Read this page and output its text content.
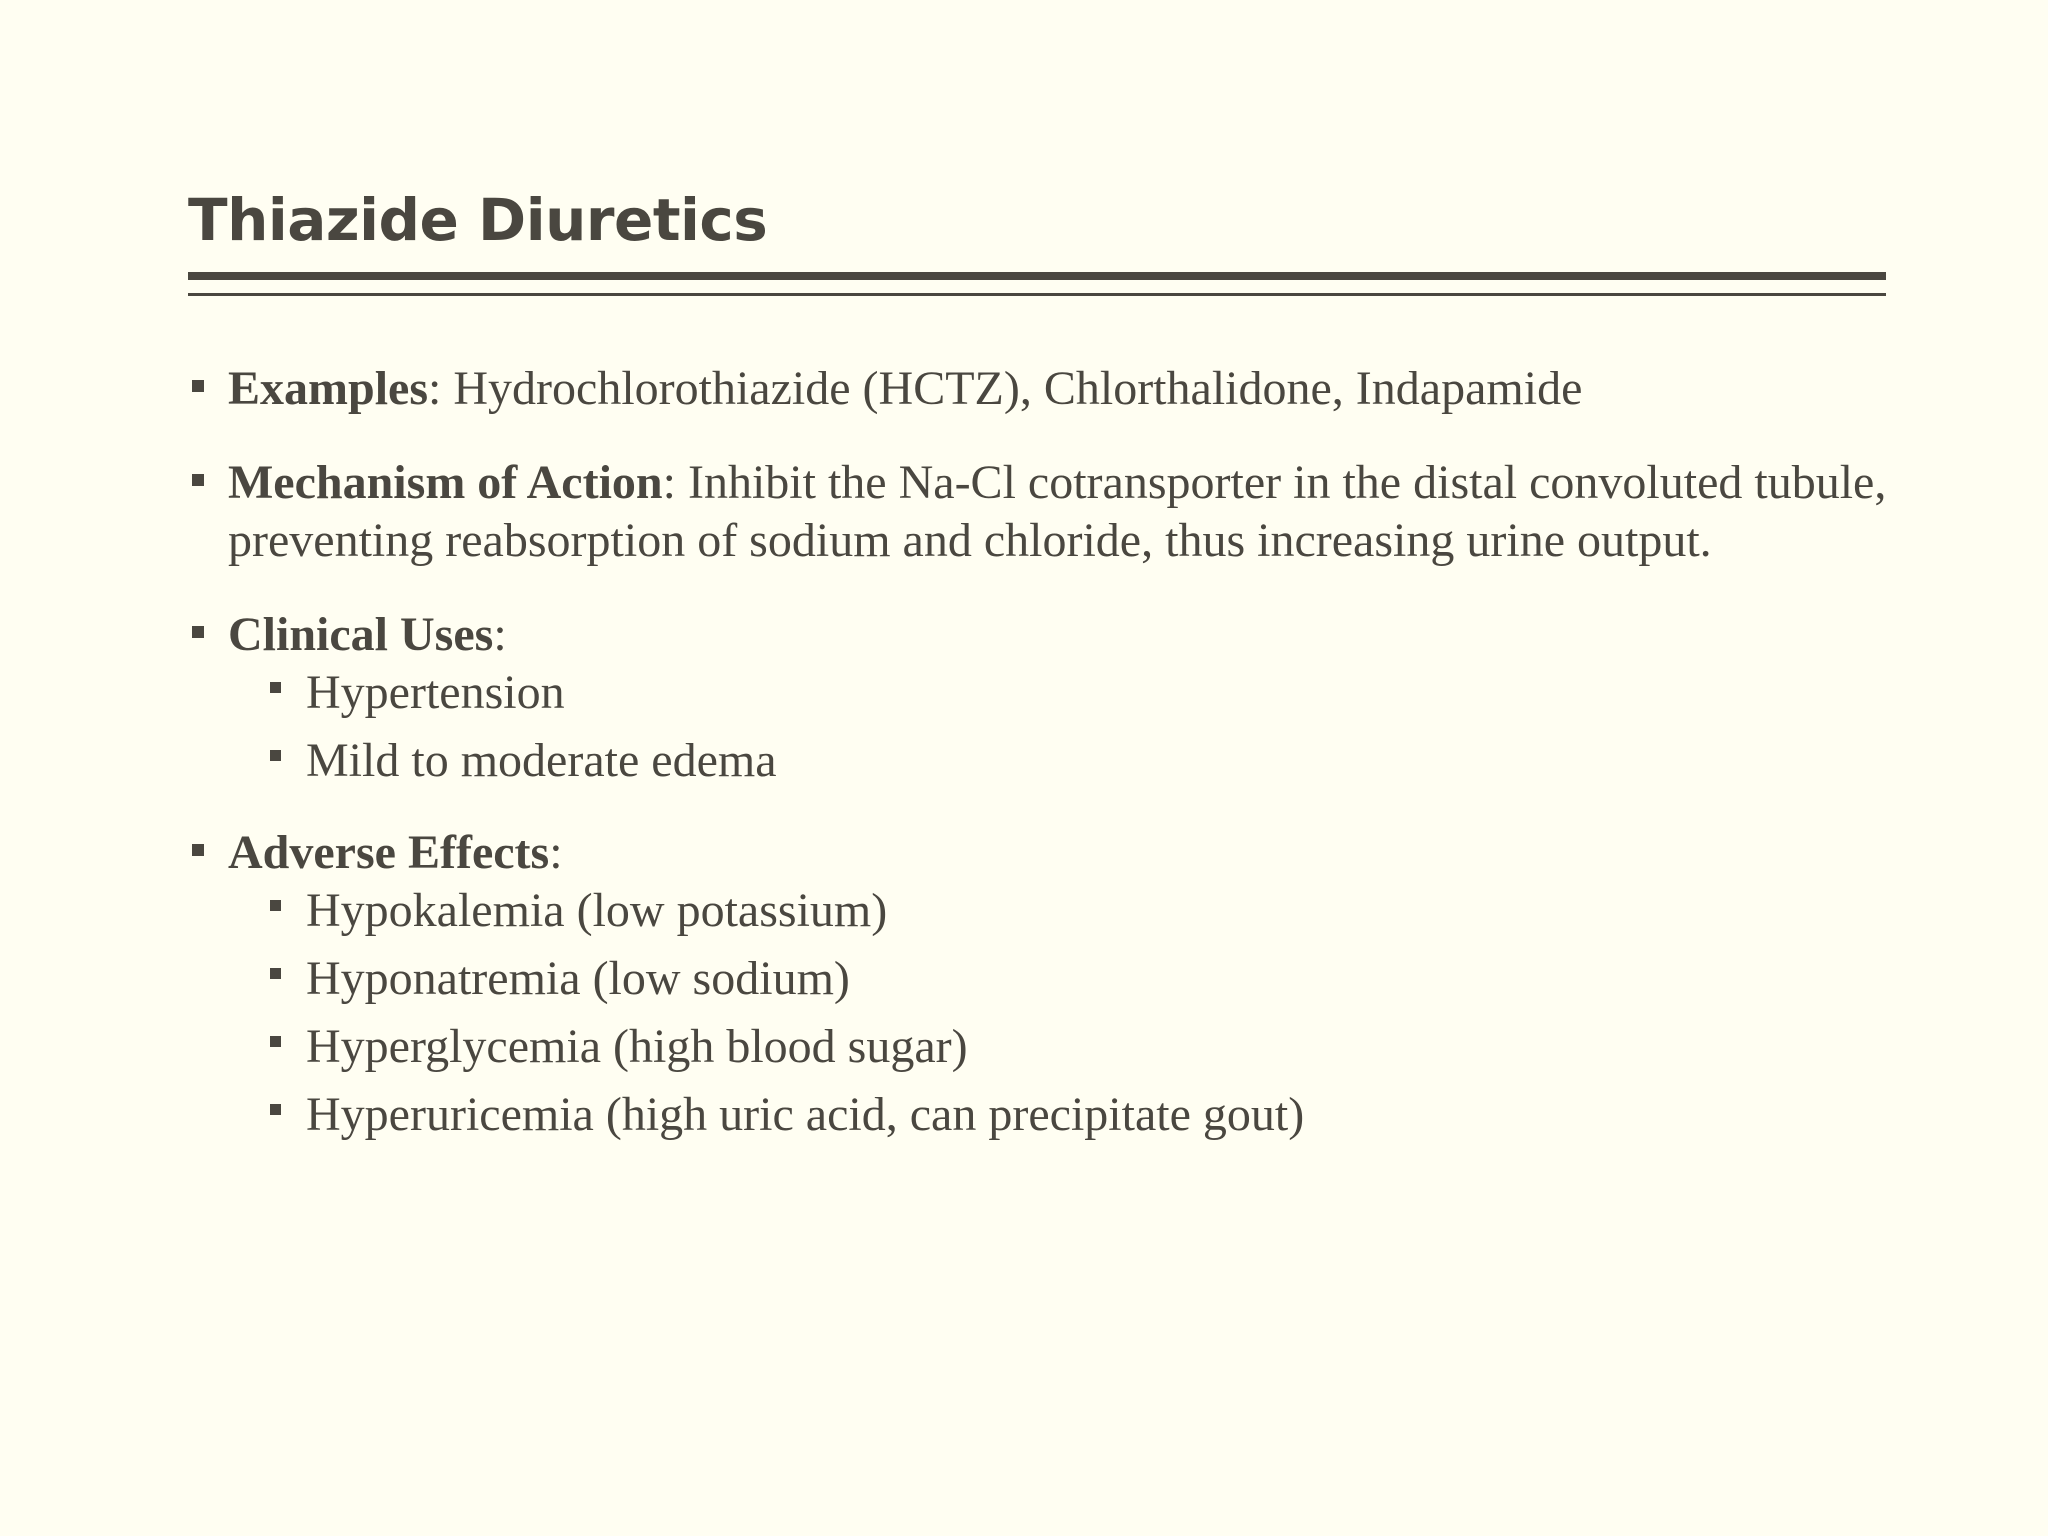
Thiazide Diuretics
Examples: Hydrochlorothiazide (HCTZ), Chlorthalidone, Indapamide
Mechanism of Action: Inhibit the Na-Cl cotransporter in the distal convoluted tubule, preventing reabsorption of sodium and chloride, thus increasing urine output.
Clinical Uses:
Hypertension
Mild to moderate edema
Adverse Effects:
Hypokalemia (low potassium)
Hyponatremia (low sodium)
Hyperglycemia (high blood sugar)
Hyperuricemia (high uric acid, can precipitate gout)
